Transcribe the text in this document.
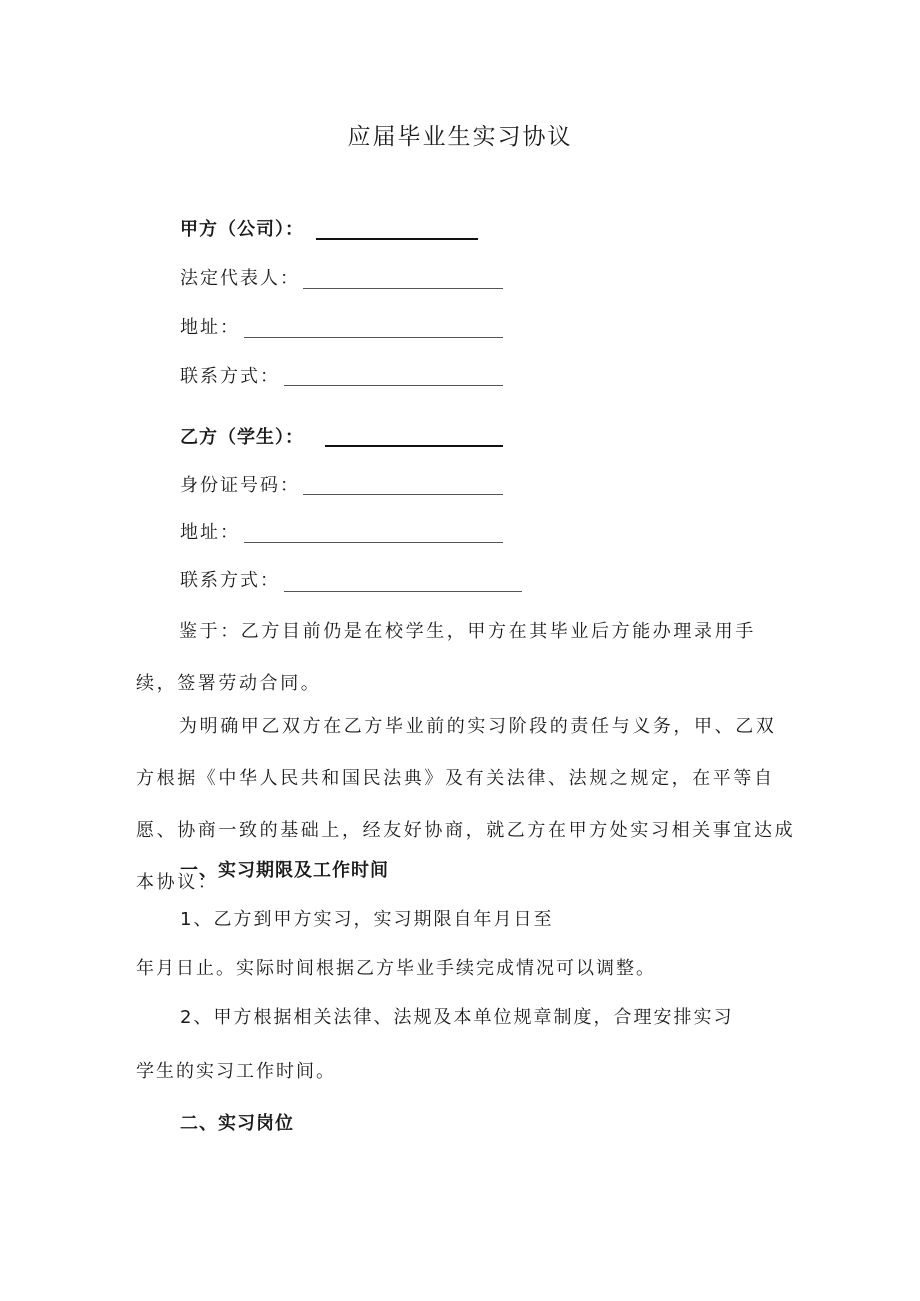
应届毕业生实习协议
甲方（公司）：
法定代表人：
地址：
联系方式：
乙方（学生）：
身份证号码：
地址：
联系方式：

鉴于：乙方目前仍是在校学生，甲方在其毕业后方能办理录用手续，签署劳动合同。

为明确甲乙双方在乙方毕业前的实习阶段的责任与义务，甲、乙双方根据《中华人民共和国民法典》及有关法律、法规之规定，在平等自愿、协商一致的基础上，经友好协商，就乙方在甲方处实习相关事宜达成本协议：

一、实习期限及工作时间
1、乙方到甲方实习，实习期限自年月日至
年月日止。实际时间根据乙方毕业手续完成情况可以调整。
2、甲方根据相关法律、法规及本单位规章制度，合理安排实习
学生的实习工作时间。
二、实习岗位
